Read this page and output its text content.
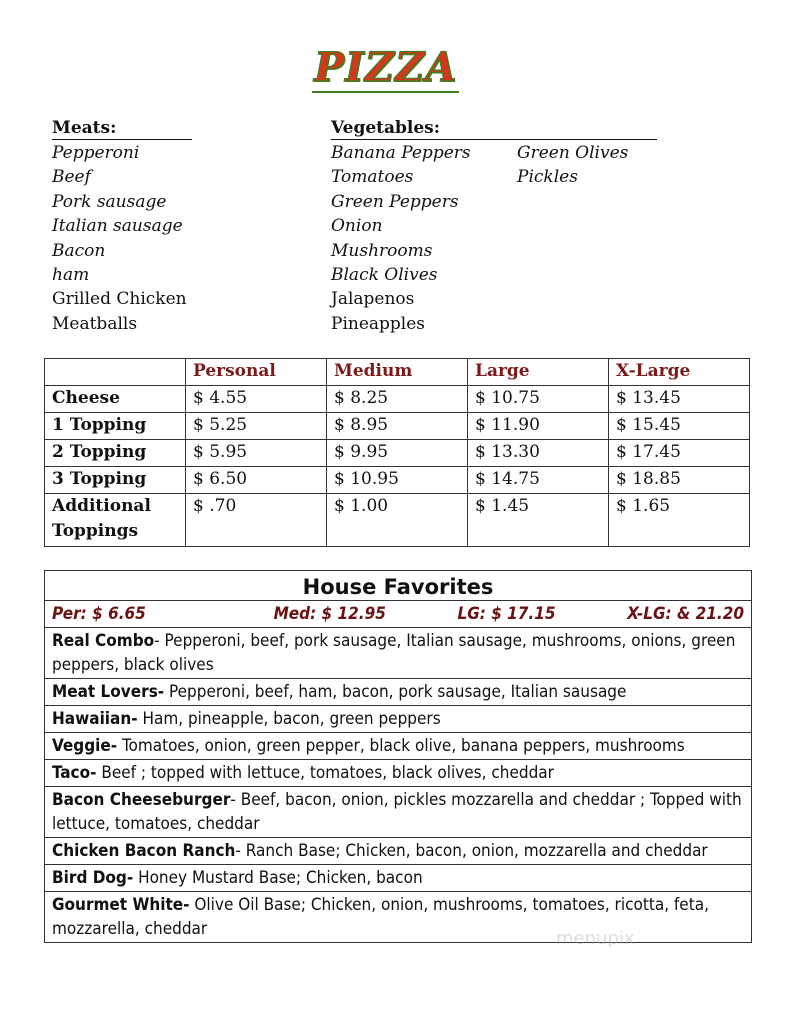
PIZZA
Meats:
Pepperoni
Beef
Pork sausage
Italian sausage
Bacon
ham
Grilled Chicken
Meatballs
Vegetables:
Banana Peppers
Tomatoes
Green Peppers
Onion
Mushrooms
Black Olives
Jalapenos
Pineapples
Green Olives
Pickles
	Personal	Medium	Large	X-Large
Cheese	$ 4.55	$ 8.25	$ 10.75	$ 13.45
1 Topping	$ 5.25	$ 8.95	$ 11.90	$ 15.45
2 Topping	$ 5.95	$ 9.95	$ 13.30	$ 17.45
3 Topping	$ 6.50	$ 10.95	$ 14.75	$ 18.85
Additional Toppings	$ .70	$ 1.00	$ 1.45	$ 1.65
House Favorites

Per: $ 6.65	Med: $ 12.95	LG: $ 17.15	X-LG: & 21.20

Real Combo- Pepperoni, beef, pork sausage, Italian sausage, mushrooms, onions, green peppers, black olives
Meat Lovers- Pepperoni, beef, ham, bacon, pork sausage, Italian sausage
Hawaiian- Ham, pineapple, bacon, green peppers
Veggie- Tomatoes, onion, green pepper, black olive, banana peppers, mushrooms
Taco- Beef ; topped with lettuce, tomatoes, black olives, cheddar
Bacon Cheeseburger- Beef, bacon, onion, pickles mozzarella and cheddar ; Topped with lettuce, tomatoes, cheddar
Chicken Bacon Ranch- Ranch Base; Chicken, bacon, onion, mozzarella and cheddar
Bird Dog- Honey Mustard Base; Chicken, bacon
Gourmet White- Olive Oil Base; Chicken, onion, mushrooms, tomatoes, ricotta, feta, mozzarella, cheddar	menupix
